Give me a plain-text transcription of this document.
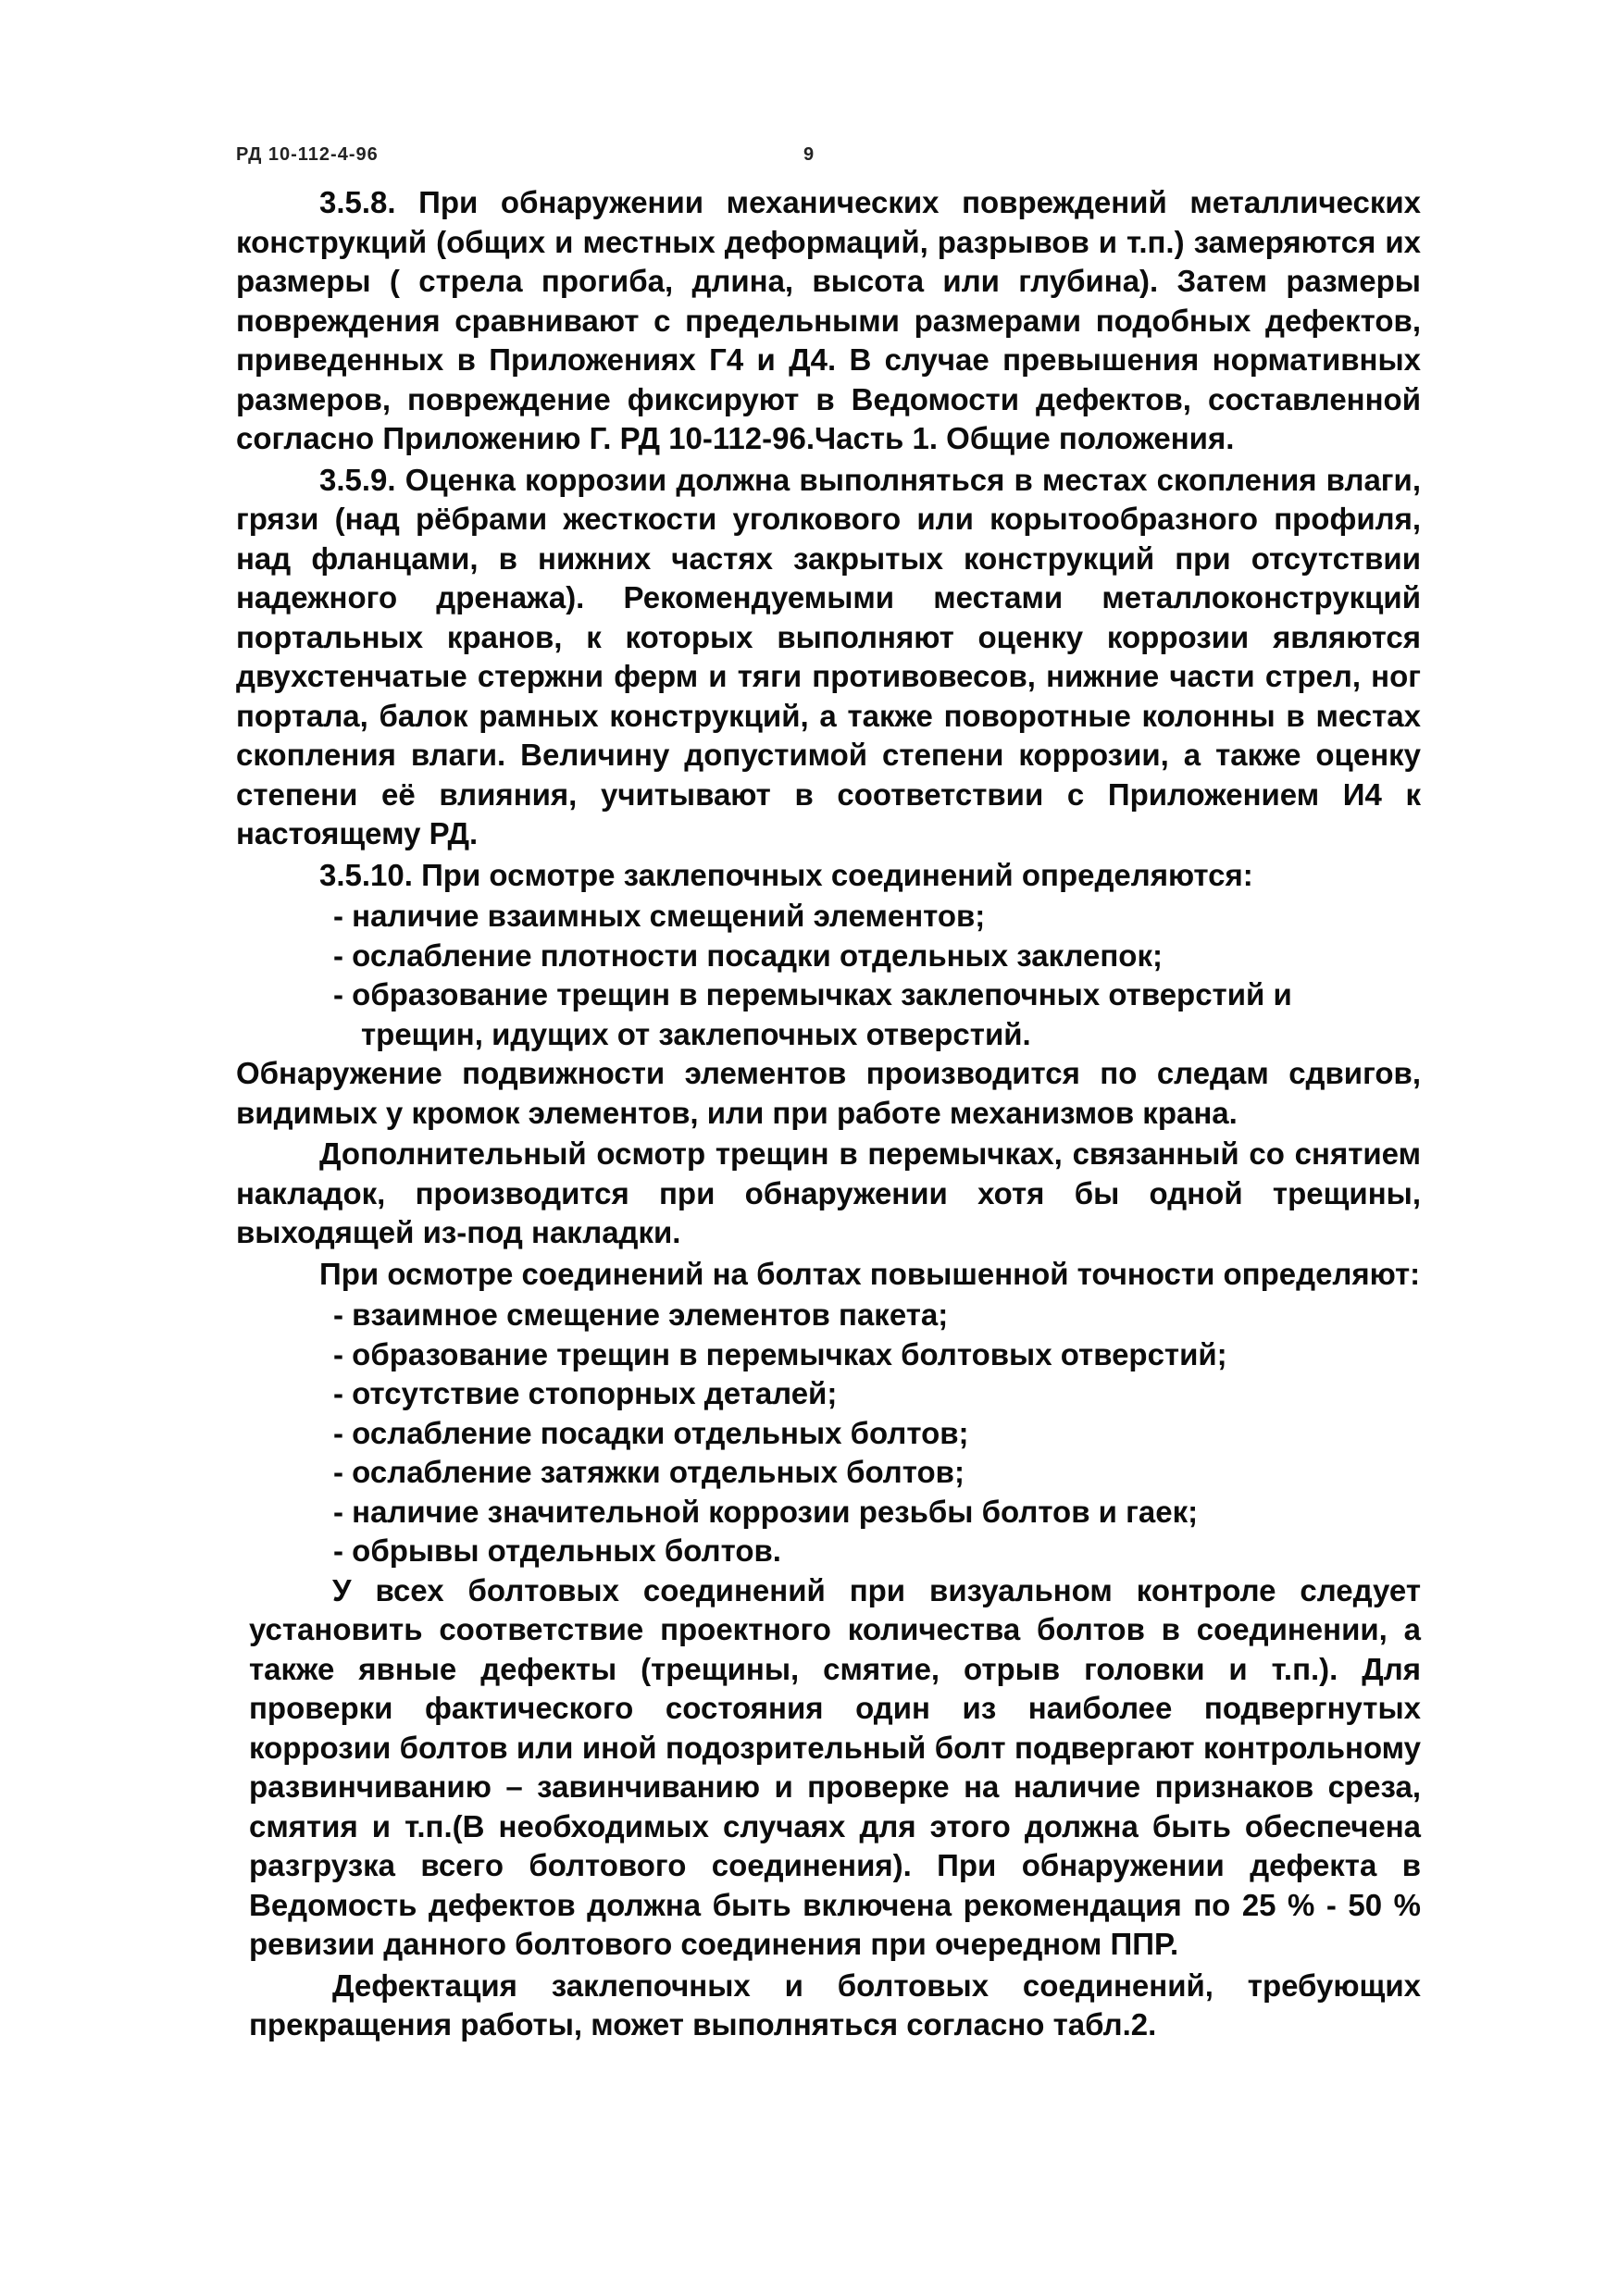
РД 10-112-4-96	9

3.5.8. При обнаружении механических повреждений металлических конструкций (общих и местных деформаций, разрывов и т.п.) замеряются их размеры ( стрела прогиба, длина, высота или глубина). Затем размеры повреждения сравнивают с предельными размерами подобных дефектов, приведенных в Приложениях Г4 и Д4. В случае превышения нормативных размеров, повреждение фиксируют в Ведомости дефектов, составленной согласно Приложению Г. РД 10-112-96.Часть 1. Общие положения.

3.5.9. Оценка коррозии должна выполняться в местах скопления влаги, грязи (над рёбрами жесткости уголкового или корытообразного профиля, над фланцами, в нижних частях закрытых конструкций при отсутствии надежного дренажа). Рекомендуемыми местами металлоконструкций портальных кранов, к которых выполняют оценку коррозии являются двухстенчатые стержни ферм и тяги противовесов, нижние части стрел, ног портала, балок рамных конструкций, а также поворотные колонны в местах скопления влаги. Величину допустимой степени коррозии, а также оценку степени её влияния, учитывают в соответствии с Приложением И4 к настоящему РД.

3.5.10. При осмотре заклепочных соединений определяются:

- наличие взаимных смещений элементов;

- ослабление плотности посадки отдельных заклепок;

- образование трещин в перемычках заклепочных отверстий и

трещин, идущих от заклепочных отверстий.

Обнаружение подвижности элементов производится по следам сдвигов, видимых у кромок элементов, или при работе механизмов крана.

Дополнительный осмотр трещин в перемычках, связанный со снятием накладок, производится при обнаружении хотя бы одной трещины, выходящей из-под накладки.

При осмотре соединений на болтах повышенной точности определяют:

- взаимное смещение элементов пакета;

- образование трещин в перемычках болтовых отверстий;

- отсутствие стопорных деталей;

- ослабление посадки отдельных болтов;

- ослабление затяжки отдельных болтов;

- наличие значительной коррозии резьбы болтов и гаек;

- обрывы отдельных болтов.

У всех болтовых соединений при визуальном контроле следует установить соответствие проектного количества болтов в соединении, а также явные дефекты (трещины, смятие, отрыв головки и т.п.). Для проверки фактического состояния один из наиболее подвергнутых коррозии болтов или иной подозрительный болт подвергают контрольному развинчиванию – завинчиванию и проверке на наличие признаков среза, смятия и т.п.(В необходимых случаях для этого должна быть обеспечена разгрузка всего болтового соединения). При обнаружении дефекта в Ведомость дефектов должна быть включена рекомендация по 25 % - 50 % ревизии данного болтового соединения при очередном ППР.

Дефектация заклепочных и болтовых соединений, требующих прекращения работы, может выполняться согласно табл.2.
